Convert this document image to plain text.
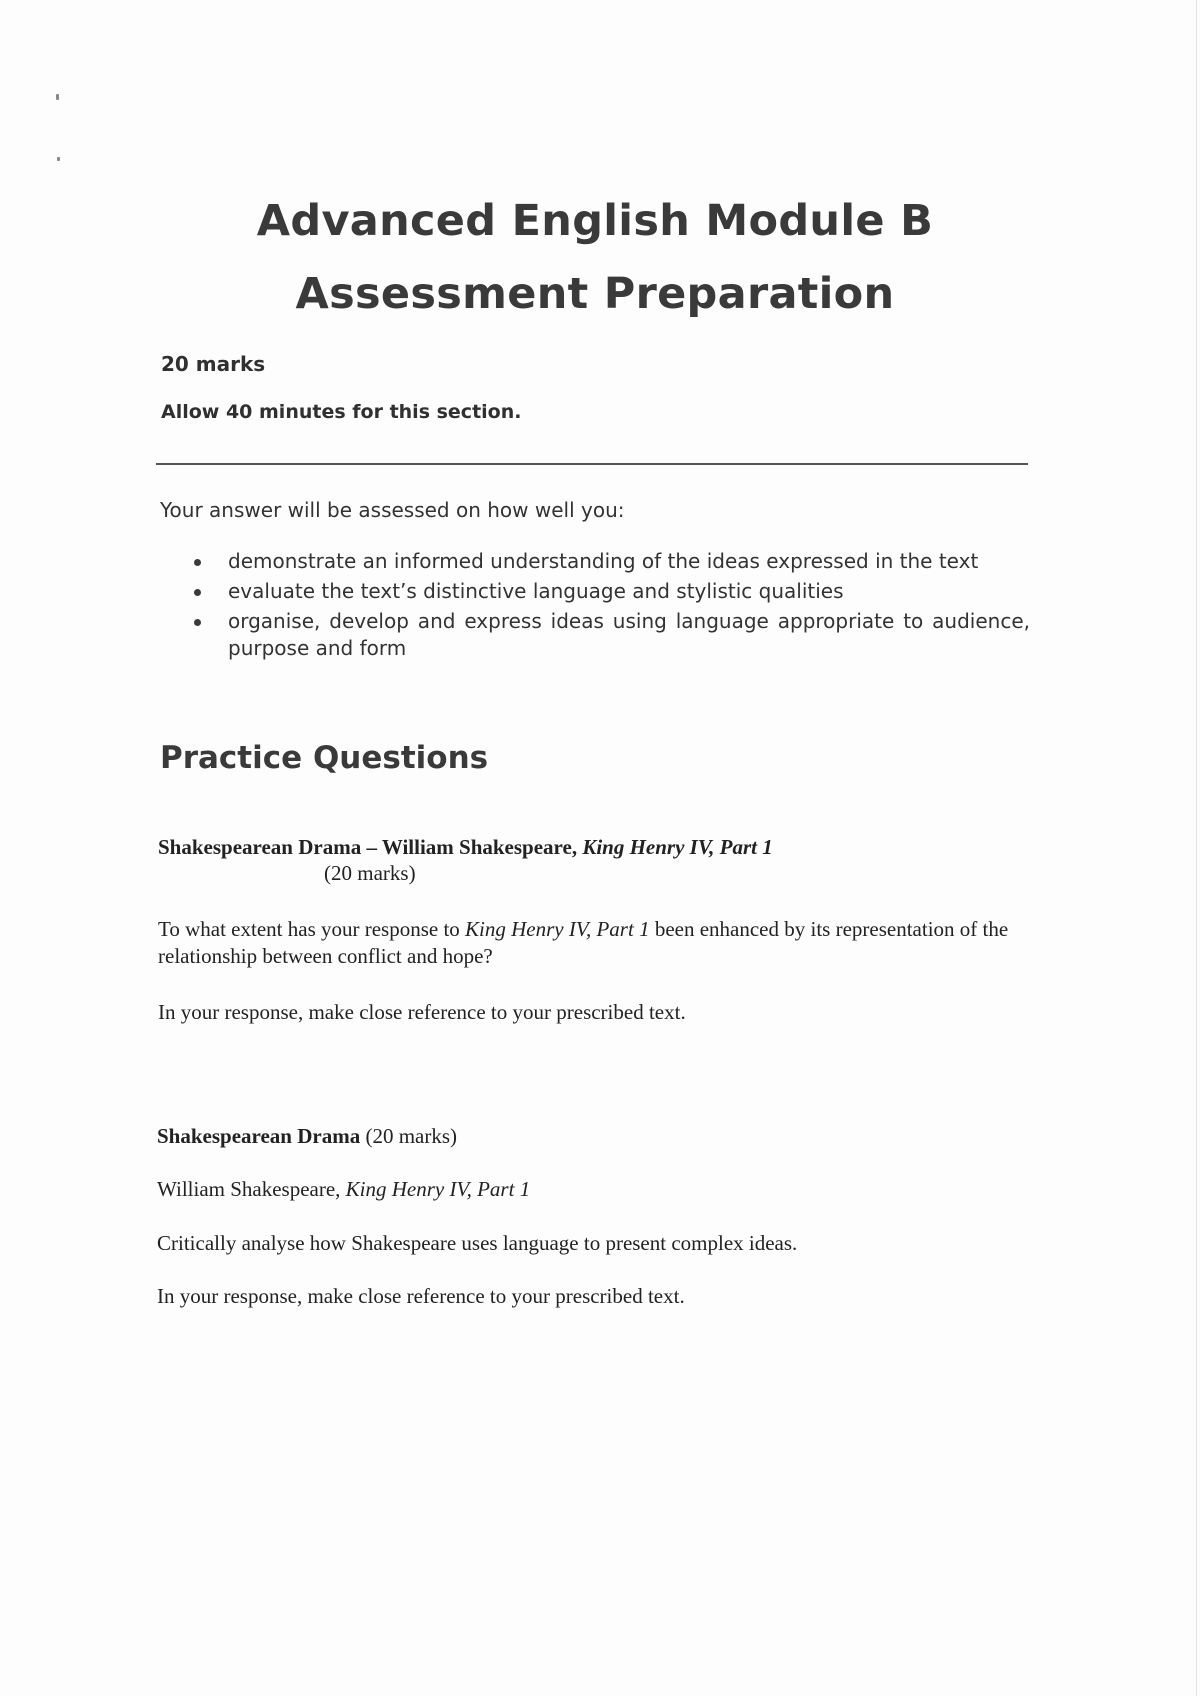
Advanced English Module B
Assessment Preparation
20 marks
Allow 40 minutes for this section.
Your answer will be assessed on how well you:
demonstrate an informed understanding of the ideas expressed in the text
evaluate the text’s distinctive language and stylistic qualities
organise, develop and express ideas using language appropriate to audience, purpose and form
Practice Questions
Shakespearean Drama – William Shakespeare, King Henry IV, Part 1
(20 marks)
To what extent has your response to King Henry IV, Part 1 been enhanced by its representation of the relationship between conflict and hope?
In your response, make close reference to your prescribed text.
Shakespearean Drama (20 marks)
William Shakespeare, King Henry IV, Part 1
Critically analyse how Shakespeare uses language to present complex ideas.
In your response, make close reference to your prescribed text.
